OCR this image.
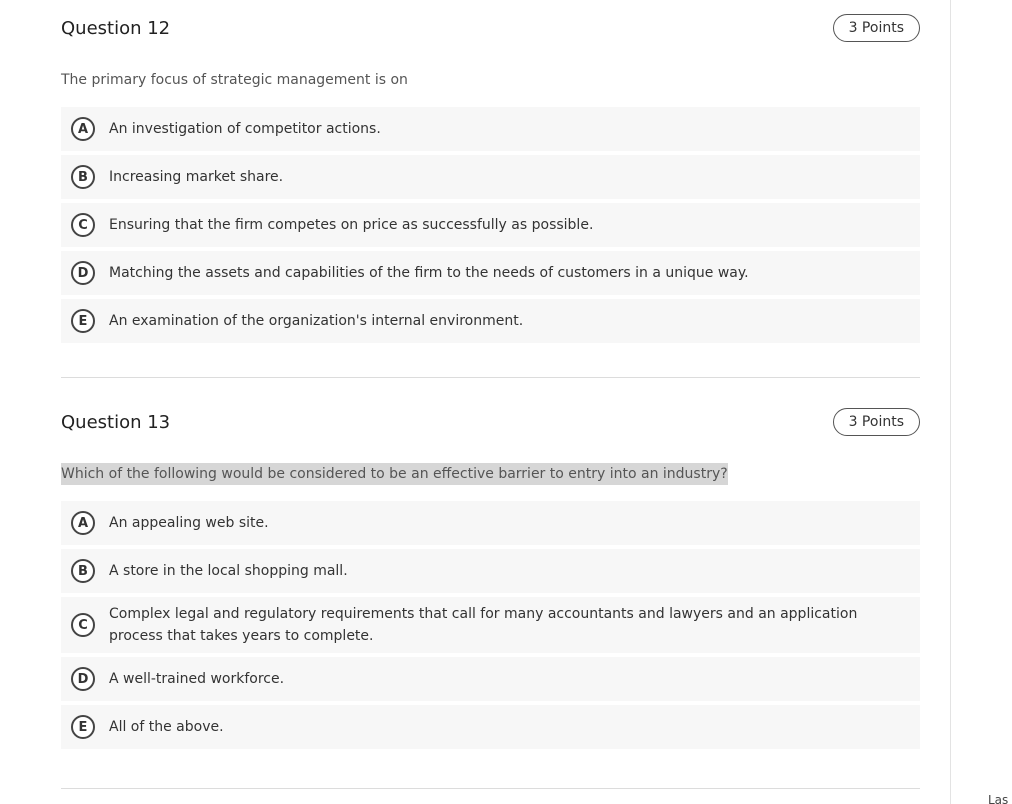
Question 12	3 Points
The primary focus of strategic management is on
A	An investigation of competitor actions.
B	Increasing market share.
C	Ensuring that the firm competes on price as successfully as possible.
D	Matching the assets and capabilities of the firm to the needs of customers in a unique way.
E	An examination of the organization's internal environment.
Question 13	3 Points
Which of the following would be considered to be an effective barrier to entry into an industry?
A	An appealing web site.
B	A store in the local shopping mall.
C
Complex legal and regulatory requirements that call for many accountants and lawyers and an application process that takes years to complete.
D	A well-trained workforce.
E	All of the above.
Las
